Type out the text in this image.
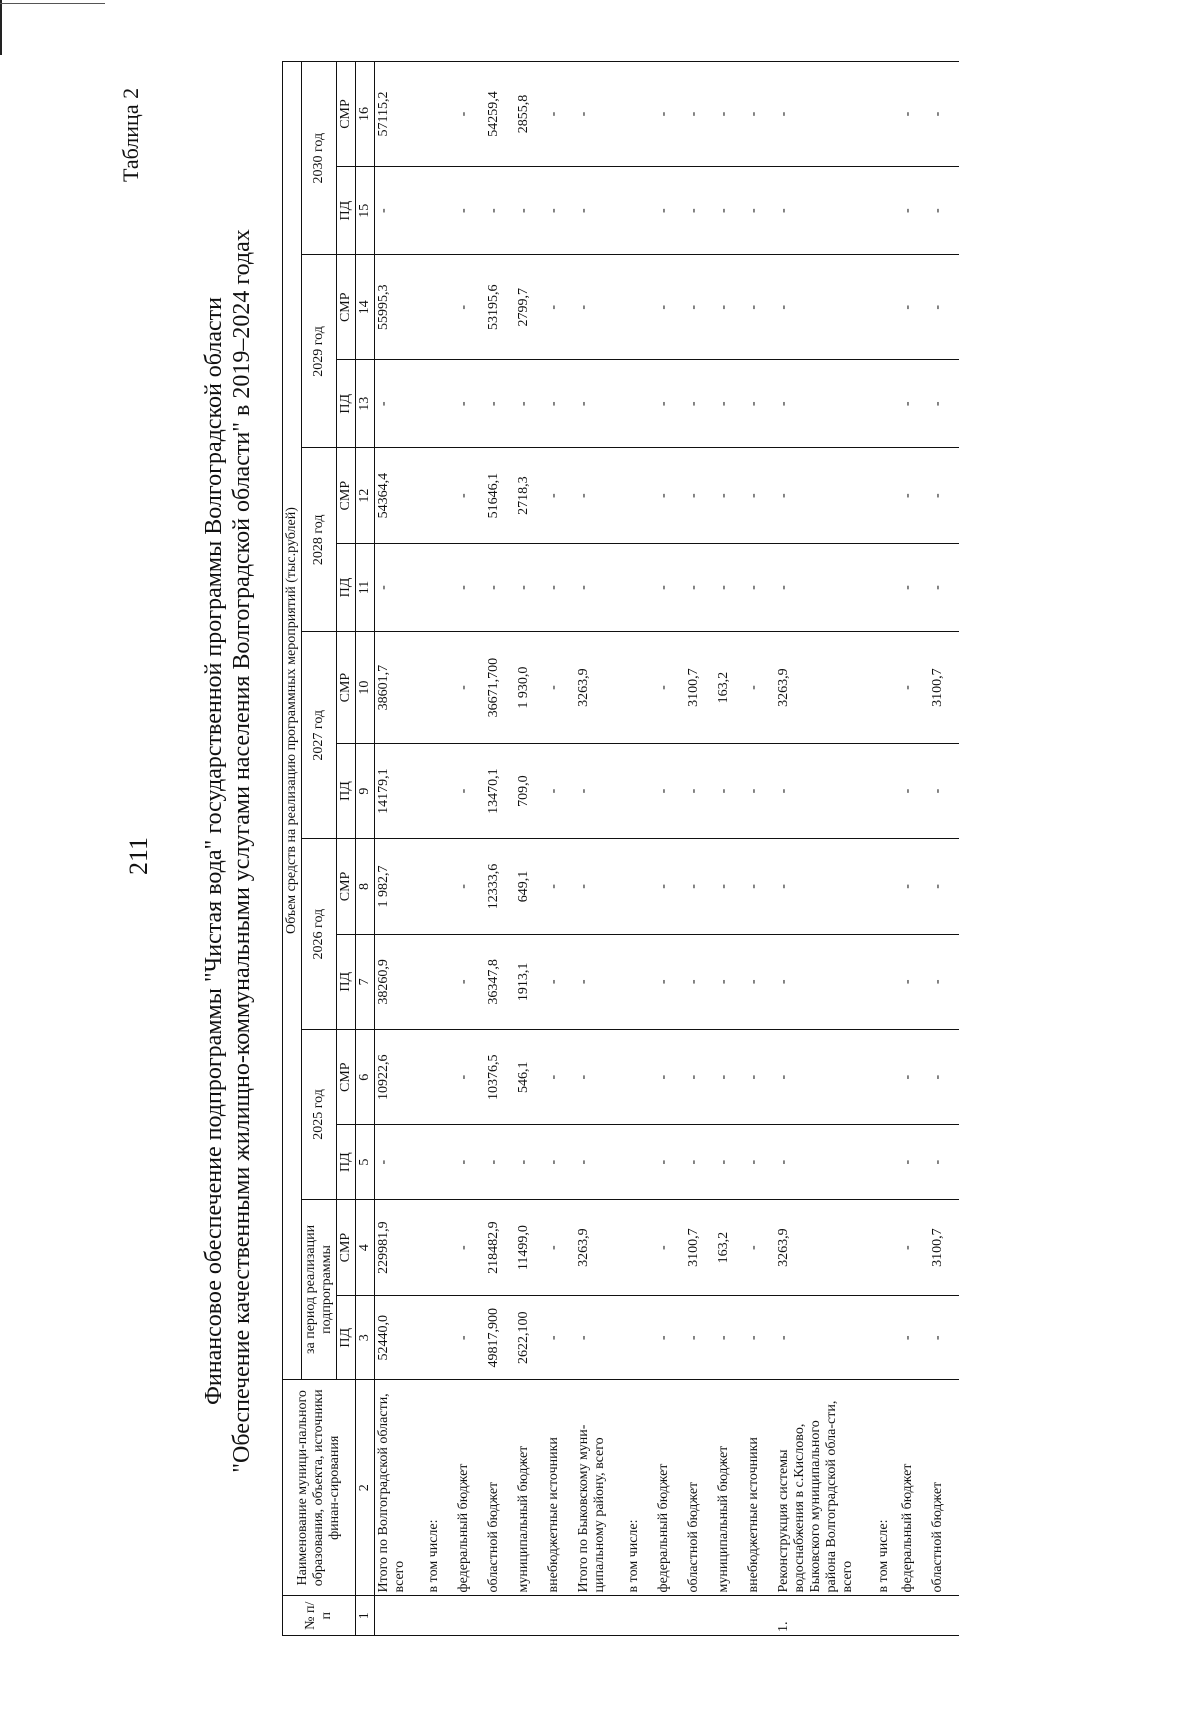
211
Таблица 2
Финансовое обеспечение подпрограммы "Чистая вода" государственной программы Волгоградской области "Обеспечение качественными жилищно-коммунальными услугами населения Волгоградской области" в 2019–2024 годах
№ п/п	Наименование муници-пального образования, объекта, источники финан-сирования	Объем средств на реализацию программных мероприятий (тыс.рублей)													
		за период реализации подпрограммы		2025 год		2026 год		2027 год		2028 год		2029 год		2030 год	
		ПД	СМР	ПД	СМР	ПД	СМР	ПД	СМР	ПД	СМР	ПД	СМР	ПД	СМР
1	2	3	4	5	6	7	8	9	10	11	12	13	14	15	16
	Итого по Волгоградской области, всего	52440,0	229981,9	-	10922,6	38260,9	1 982,7	14179,1	38601,7	-	54364,4	-	55995,3	-	57115,2
	в том числе:														
	федеральный бюджет	-	-	-	-	-	-	-	-	-	-	-	-	-	-
	областной бюджет	49817,900	218482,9	-	10376,5	36347,8	12333,6	13470,1	36671,700	-	51646,1	-	53195,6	-	54259,4
	муниципальный бюджет	2622,100	11499,0	-	546,1	1913,1	649,1	709,0	1 930,0	-	2718,3	-	2799,7	-	2855,8
	внебюджетные источники	-	-	-	-	-	-	-	-	-	-	-	-	-	-
	Итого по Быковскому муни-ципальному району, всего	-	3263,9	-	-	-	-	-	3263,9	-	-	-	-	-	-
	в том числе:														
	федеральный бюджет	-	-	-	-	-	-	-	-	-	-	-	-	-	-
	областной бюджет	-	3100,7	-	-	-	-	-	3100,7	-	-	-	-	-	-
	муниципальный бюджет	-	163,2	-	-	-	-	-	163,2	-	-	-	-	-	-
	внебюджетные источники	-	-	-	-	-	-	-	-	-	-	-	-	-	-
1.	Реконструкция системы водоснабжения в с.Кислово, Быковского муниципального района Волгоградской обла-сти, всего	-	3263,9	-	-	-	-	-	3263,9	-	-	-	-	-	-
	в том числе:														
	федеральный бюджет	-	-	-	-	-	-	-	-	-	-	-	-	-	-
	областной бюджет	-	3100,7	-	-	-	-	-	3100,7	-	-	-	-	-	-
